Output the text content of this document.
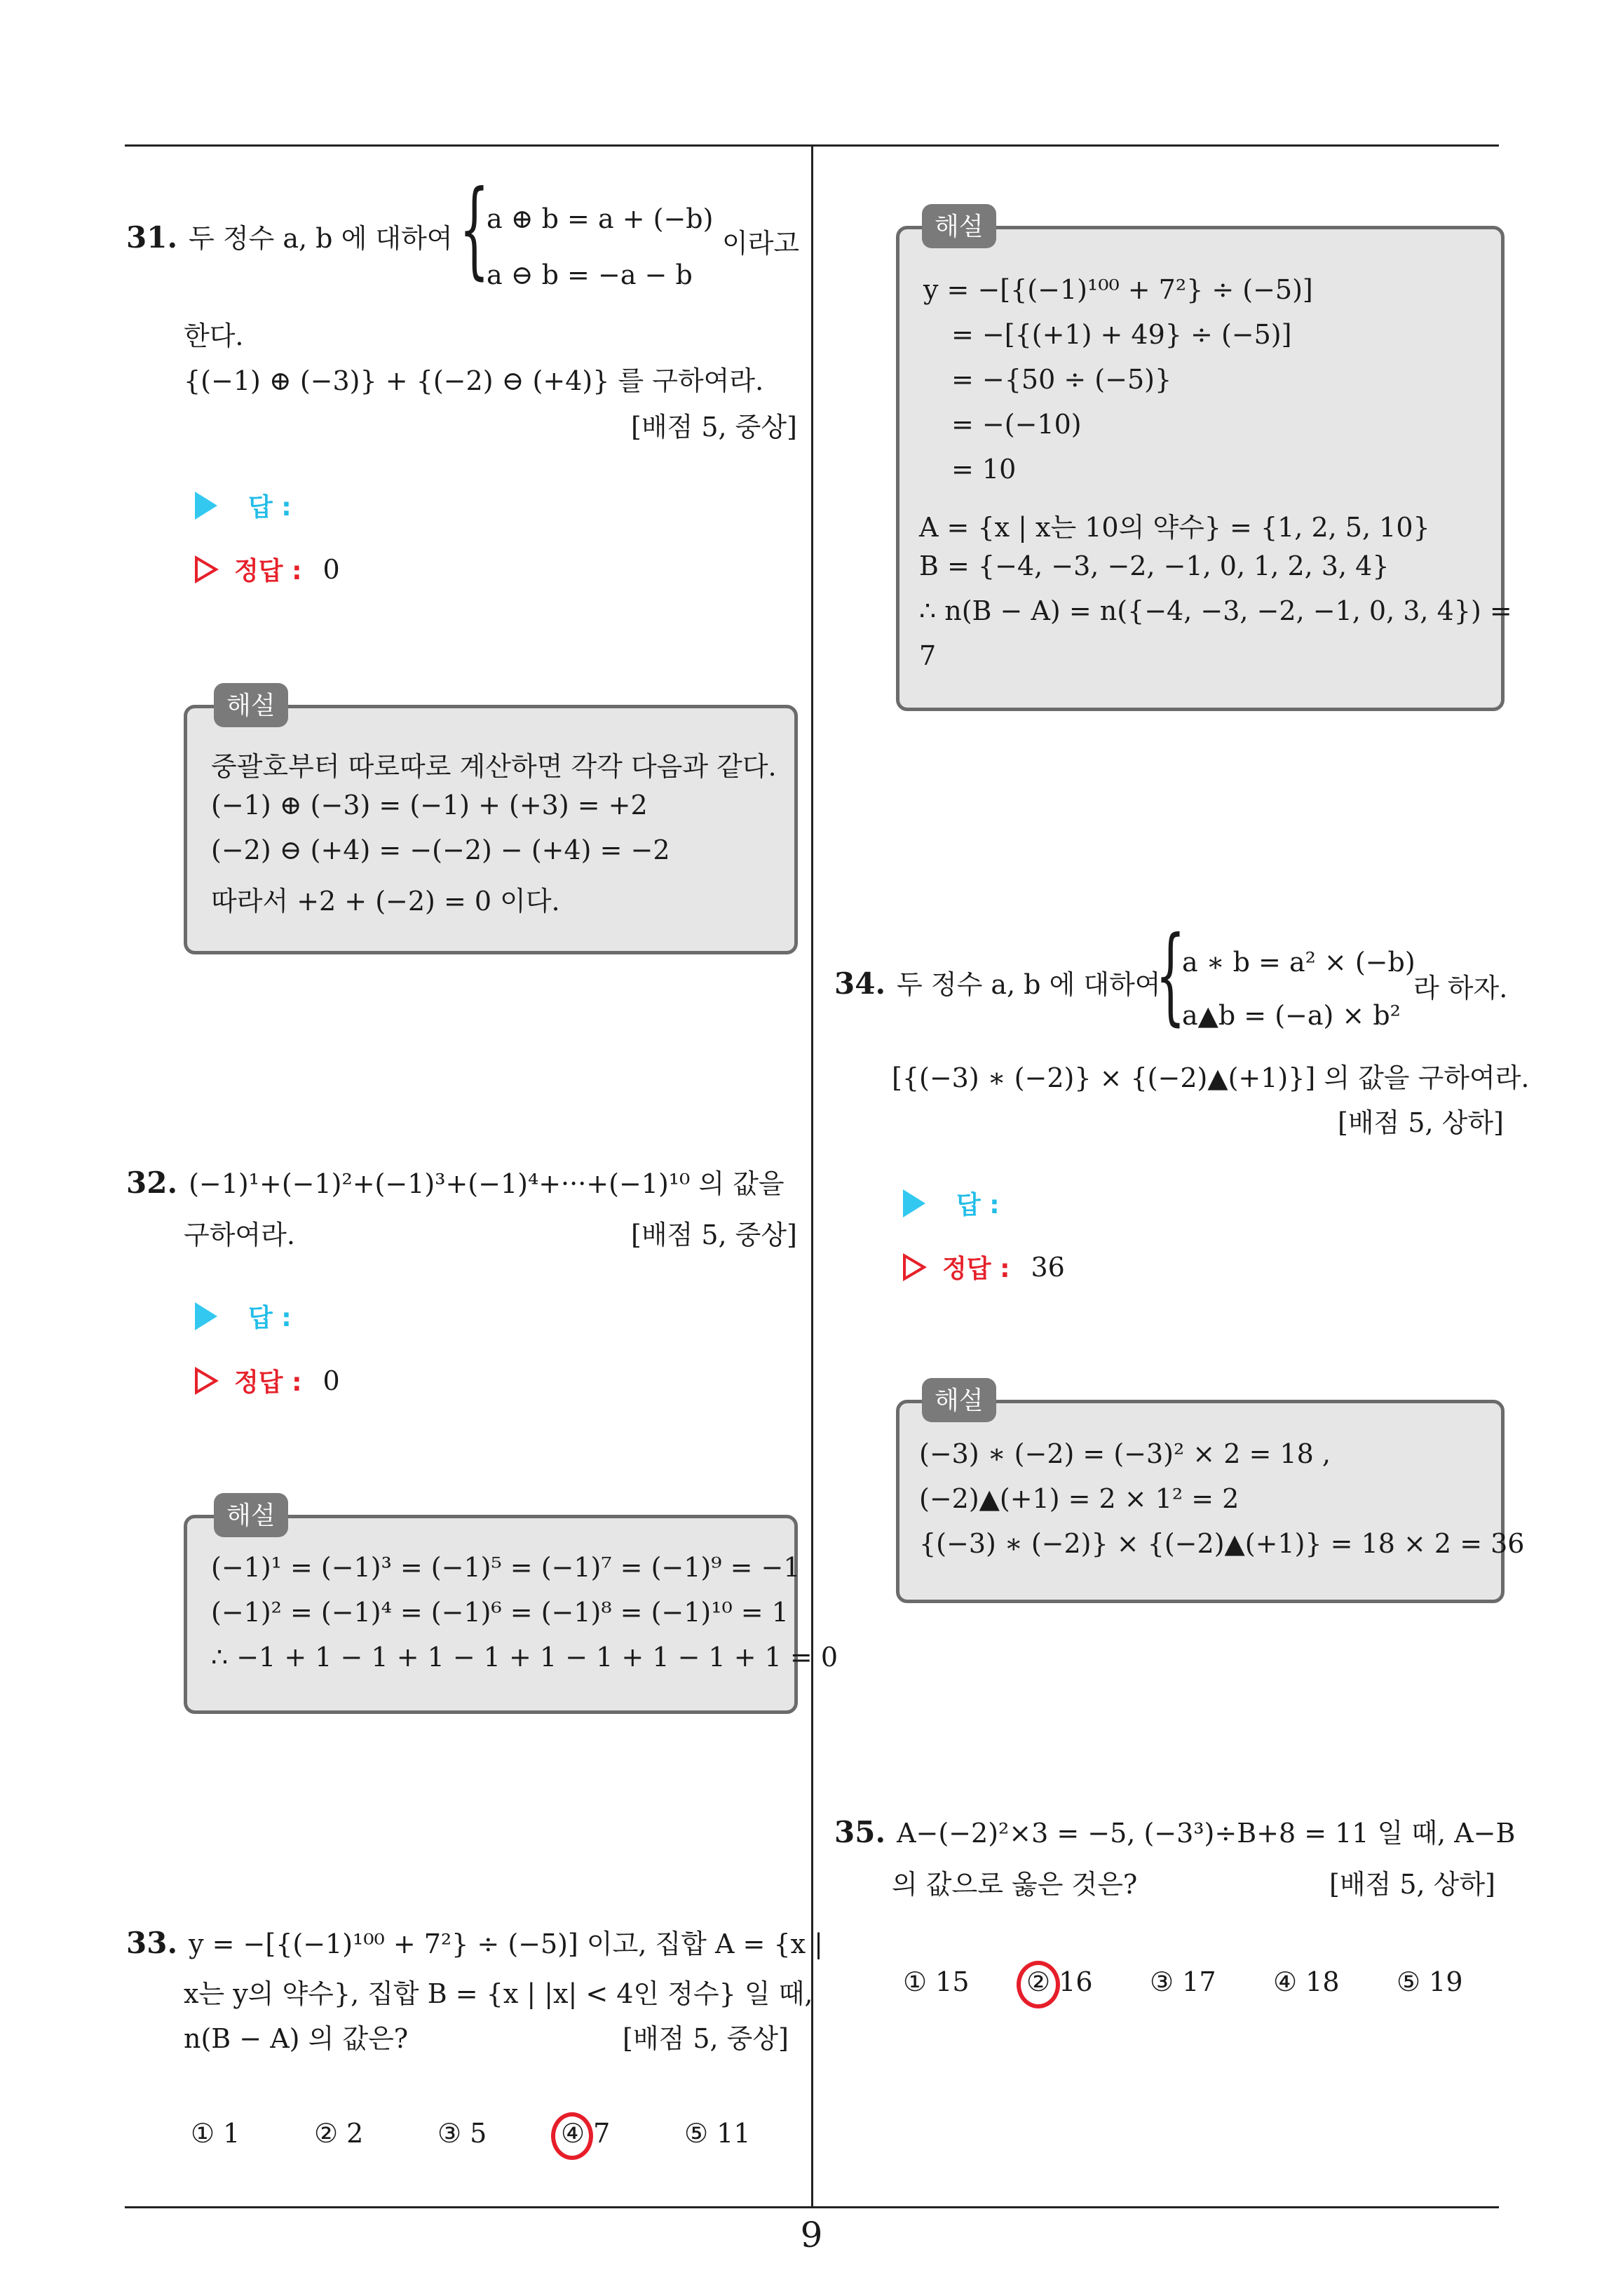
31. 두 정수 a, b 에 대하여 {
a ⊕ b = a + (−b)
a ⊖ b = −a − b
이라고
한다.
{(−1) ⊕ (−3)} + {(−2) ⊖ (+4)} 를 구하여라.
[배점 5, 중상]
답 :
정답 : 0
해설
중괄호부터 따로따로 계산하면 각각 다음과 같다.
(−1) ⊕ (−3) = (−1) + (+3) = +2
(−2) ⊖ (+4) = −(−2) − (+4) = −2
따라서 +2 + (−2) = 0 이다.
32. (−1)¹+(−1)²+(−1)³+(−1)⁴+···+(−1)¹⁰ 의 값을
구하여라.	[배점 5, 중상]
답 :
정답 : 0
해설
(−1)¹ = (−1)³ = (−1)⁵ = (−1)⁷ = (−1)⁹ = −1
(−1)² = (−1)⁴ = (−1)⁶ = (−1)⁸ = (−1)¹⁰ = 1
∴ −1 + 1 − 1 + 1 − 1 + 1 − 1 + 1 − 1 + 1 = 0
33. y = −[{(−1)¹⁰⁰ + 7²} ÷ (−5)] 이고, 집합 A = {x |
x는 y의 약수}, 집합 B = {x | |x| < 4인 정수} 일 때,
n(B − A) 의 값은?	[배점 5, 중상]
① 1	② 2	③ 5	④ 7	⑤ 11
해설
y = −[{(−1)¹⁰⁰ + 7²} ÷ (−5)]
= −[{(+1) + 49} ÷ (−5)]
= −{50 ÷ (−5)}
= −(−10)
= 10
A = {x | x는 10의 약수} = {1, 2, 5, 10}
B = {−4, −3, −2, −1, 0, 1, 2, 3, 4}
∴ n(B − A) = n({−4, −3, −2, −1, 0, 3, 4}) =
7
34. 두 정수 a, b 에 대하여
{
a ∗ b = a² × (−b)
a▲b = (−a) × b²
라 하자.
[{(−3) ∗ (−2)} × {(−2)▲(+1)}] 의 값을 구하여라.
[배점 5, 상하]
답 :
정답 : 36
해설
(−3) ∗ (−2) = (−3)² × 2 = 18 ,
(−2)▲(+1) = 2 × 1² = 2
{(−3) ∗ (−2)} × {(−2)▲(+1)} = 18 × 2 = 36
35. A−(−2)²×3 = −5, (−3³)÷B+8 = 11 일 때, A−B
의 값으로 옳은 것은?	[배점 5, 상하]
① 15	② 16	③ 17	④ 18	⑤ 19
9
